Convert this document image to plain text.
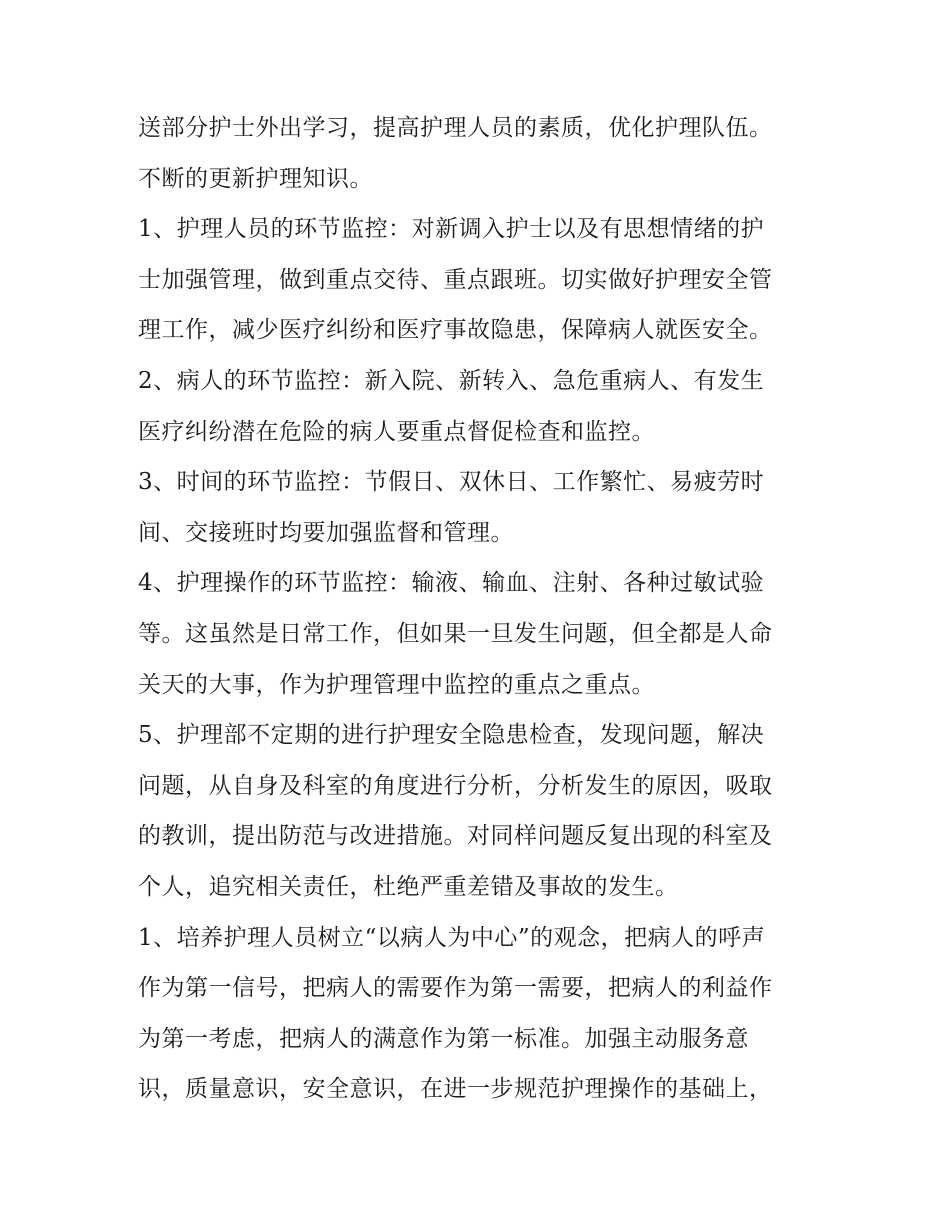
送部分护士外出学习，提高护理人员的素质，优化护理队伍。
不断的更新护理知识。
1、护理人员的环节监控：对新调入护士以及有思想情绪的护
士加强管理，做到重点交待、重点跟班。切实做好护理安全管
理工作，减少医疗纠纷和医疗事故隐患，保障病人就医安全。
2、病人的环节监控：新入院、新转入、急危重病人、有发生
医疗纠纷潜在危险的病人要重点督促检查和监控。
3、时间的环节监控：节假日、双休日、工作繁忙、易疲劳时
间、交接班时均要加强监督和管理。
4、护理操作的环节监控：输液、输血、注射、各种过敏试验
等。这虽然是日常工作，但如果一旦发生问题，但全都是人命
关天的大事，作为护理管理中监控的重点之重点。
5、护理部不定期的进行护理安全隐患检查，发现问题，解决
问题，从自身及科室的角度进行分析，分析发生的原因，吸取
的教训，提出防范与改进措施。对同样问题反复出现的科室及
个人，追究相关责任，杜绝严重差错及事故的发生。
1、培养护理人员树立“以病人为中心”的观念，把病人的呼声
作为第一信号，把病人的需要作为第一需要，把病人的利益作
为第一考虑，把病人的满意作为第一标准。加强主动服务意
识，质量意识，安全意识，在进一步规范护理操作的基础上，
